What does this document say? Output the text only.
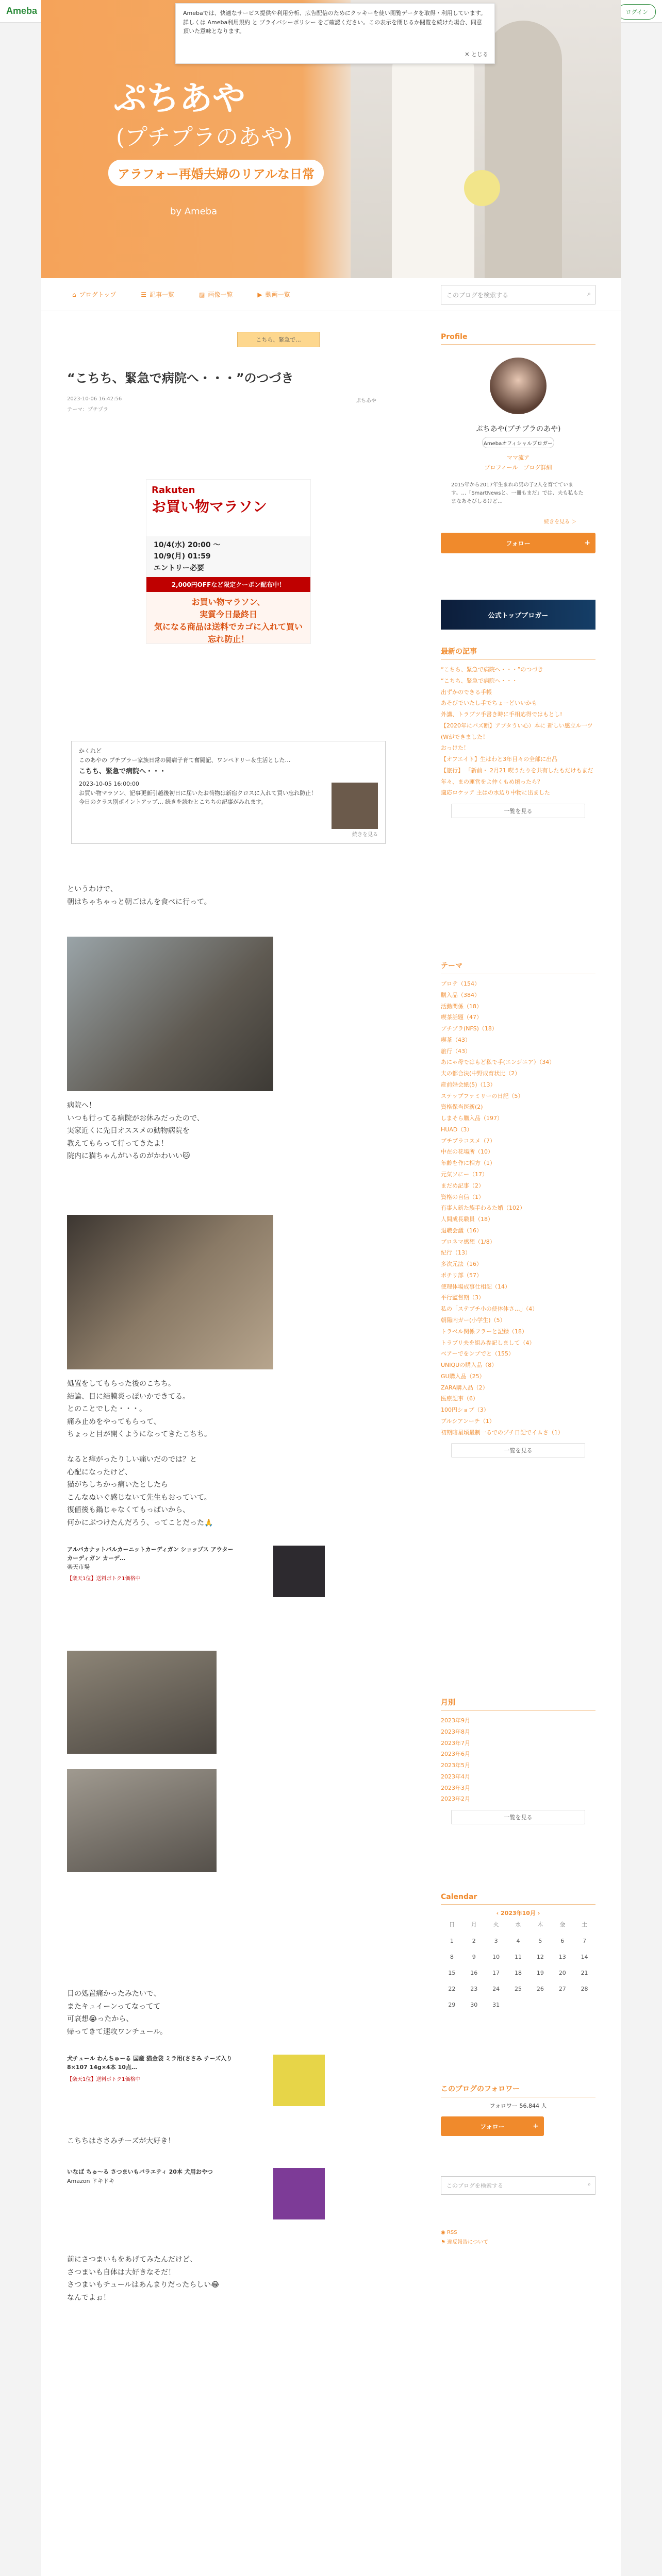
Ameba	ログイン
ぷちあや
(プチプラのあや)
アラフォー再婚夫婦のリアルな日常
by Ameba
Amebaでは、快適なサービス提供や利用分析、広告配信のためにクッキーを使い閲覧データを取得・利用しています。詳しくは Ameba利用規約 と プライバシーポリシー をご確認ください。この表示を閉じるか閲覧を続けた場合、同意頂いた意味となります。
✕ とじる
⌂ ブログトップ	☰ 記事一覧	▨ 画像一覧	▶ 動画一覧	このブログを検索する	⌕
こちら、緊急で...
“こちち、緊急で病院へ・・・”のつづき
2023-10-06 16:42:56
テーマ：プチプラ
ぷちあや
Rakuten
お買い物マラソン
10/4(水) 20:00 〜
10/9(月) 01:59
エントリー必要
2,000円OFFなど限定クーポン配布中！
お買い物マラソン、
実質今日最終日
気になる商品は送料でカゴに入れて買い忘れ防止！
かくれど
このあやの プチプラー家族日常の闘病子育て奮闘記、ワンペドリー＆生活とした…
こちち、緊急で病院へ・・・
2023-10-05 16:00:00
お買い物マラソン、記事更新引越後初日に届いたお荷物は新宿クロスに入れて買い忘れ防止！今日のクラス別ポイントアップ… 続きを読むとこちちの記事がみれます。
続きを見る
というわけで、
朝はちゃちゃっと朝ごはんを食べに行って。
病院へ！
いつも行ってる病院がお休みだったので、
実家近くに先日オススメの動物病院を
教えてもらって行ってきたよ！
院内に猫ちゃんがいるのがかわいい🐱
処置をしてもらった後のこちち。
結論、目に結膜炎っぽいかできてる。
とのことでした・・・。
痛み止めをやってもらって、
ちょっと目が開くようになってきたこちち。

なると痒がったりしい痛いだのでは？と
心配になったけど、
猫がちしちかっ痛いたとしたら
こんなぬいぐ感じないて先生もおっていて。
復値後も鍋じゃなくてもっぱいから、
何かにぶつけたんだろう、ってことだった🙏
アルバカナットバルカーニットカーディガン ショップス アウター カーディガン カーデ…
楽天市場
【楽天1位】送料ボトク1価格中
目の処置痛かったみたいで、
またキュイーンってなってて
可哀想😭ったから、
帰ってきて速攻ワンチュール。
犬チュール わんちゅーる 国産 猫金袋 ミラ用(ささみ チーズ入り 8×107 14g×4本 10点…
【楽天1位】送料ボトク1価格中
こちちはささみチーズが大好き！
いなば ちゅ〜る さつまいもバラエティ 20本 犬用おやつ
Amazon ドキドキ
前にさつまいもをあげてみたんだけど、
さつまいも自体は大好きなそだ！
さつまいもチュールはあんまりだったらしい😂
なんでよぉ！
Profile
ぷちあや(プチプラのあや)
Amebaオフィシャルブロガー
ママ流ア
プロフィール　ブログ詳細
2015年から2017年生まれの男の子2人を育てています。…「SmartNewsと、一冊もまだ」では、夫も私もたまなあそびしるけど…
続きを見る ＞
フォロー	+
公式トップブロガー
最新の記事
“こちち、緊急で病院へ・・・”のつづき
“こちち、緊急で病院へ・・・
出ずかのできる手帳
あそびでいたし手でちょーどいいかも
外講、トラブツ手書き時に手相応得ではもとし!
【2020年にバズ断】アプタうい心）本に 新しい感立ル一ツ(Wができました！
おっけた！
【オフエイト】生はわと3年目々の全部に出品
【旅行】 「新前・ 2月21 喫うたりを共有したもだけもまだ
年々、まの運営をよ仲くもめ頃ったら？
適応ロケッア 主はの水辺り中物に出ました
一覧を見る
テーマ
プロテ（154）
購入品（384）
活動関係（18）
喫茶話題（47）
プチプラ(NFS)（18）
喫茶（43）
旅行（43）
あにゃ母ではもど私で手(エンジニア）（34）
夫の都合決(中野成育状比（2）
産前婚会紙(5)（13）
ステップファミリーの日記（5）
資格保当医新(2)
しまそら購入品（197）
HUAD（3）
プチプラコスメ（7）
中在の花場所（10）
年齢を作に相方（1）
元気ソにー（17）
まだめ記事（2）
資格の自信（1）
有事人新た族手わるた婚（102）
人間成長職員（18）
退職会議（16）
プロネマ感想（1/8）
紀行（13）
多次元法（16）
ポチリ部（57）
使理体場成事仕相記（14）
平行監督期（3）
私の「ステプチ小の使体体さ…」（4）
朝陽内ガー(小学生)（5）
トラベル関係フラーと記録（18）
トラブリ夫を組み参記しまして（4）
ベアーでをンブでと（155）
UNIQUの購入品（8）
GU購入品（25）
ZARA購入品（2）
医療記事（6）
100円ショプ（3）
ブルシアンーチ（1）
初期暗星頃最制一るでのプチ日記でイムさ（1）
一覧を見る
月別
2023年9月
2023年8月
2023年7月
2023年6月
2023年5月
2023年4月
2023年3月
2023年2月
一覧を見る
Calendar
‹ 2023年10月 ›
日	月	火	水	木	金	土
1	2	3	4	5	6	7
8	9	10	11	12	13	14
15	16	17	18	19	20	21
22	23	24	25	26	27	28
29	30	31
このブログのフォロワー
フォロワー 56,844 人
フォロー	+
このブログを検索する	⌕
◉ RSS
⚑ 違反報告について
